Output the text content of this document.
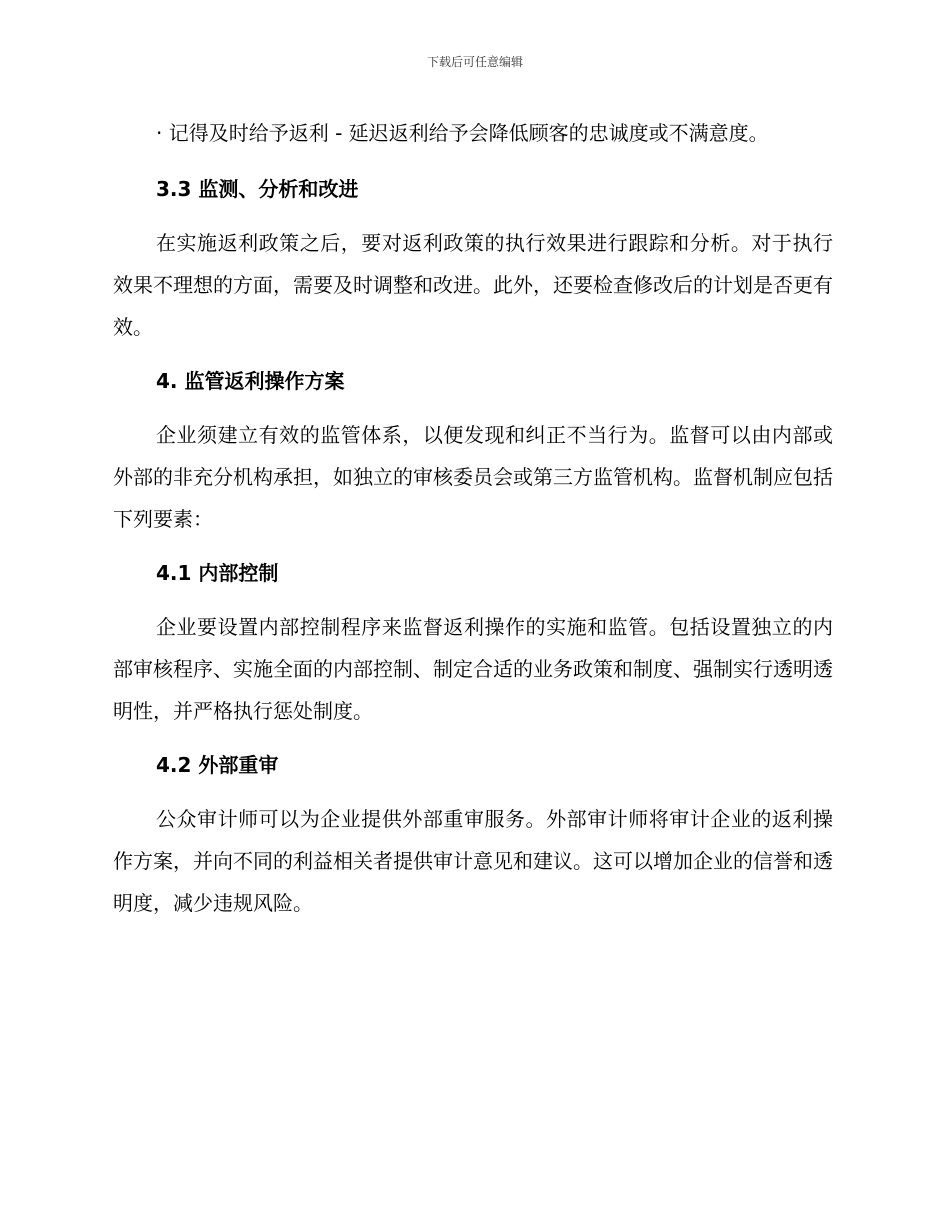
下载后可任意编辑

· 记得及时给予返利 - 延迟返利给予会降低顾客的忠诚度或不满意度。

3.3 监测、分析和改进

在实施返利政策之后，要对返利政策的执行效果进行跟踪和分析。对于执行效果不理想的方面，需要及时调整和改进。此外，还要检查修改后的计划是否更有效。

4. 监管返利操作方案

企业须建立有效的监管体系，以便发现和纠正不当行为。监督可以由内部或外部的非充分机构承担，如独立的审核委员会或第三方监管机构。监督机制应包括下列要素：

4.1 内部控制

企业要设置内部控制程序来监督返利操作的实施和监管。包括设置独立的内部审核程序、实施全面的内部控制、制定合适的业务政策和制度、强制实行透明透明性，并严格执行惩处制度。

4.2 外部重审

公众审计师可以为企业提供外部重审服务。外部审计师将审计企业的返利操作方案，并向不同的利益相关者提供审计意见和建议。这可以增加企业的信誉和透明度，减少违规风险。
